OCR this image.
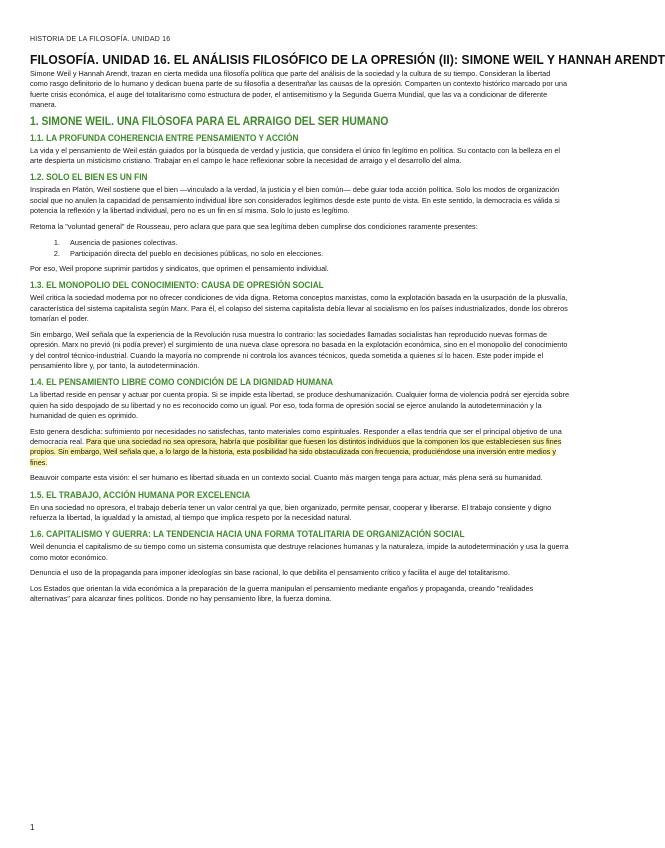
HISTORIA DE LA FILOSOFÍA. UNIDAD 16
FILOSOFÍA. UNIDAD 16. EL ANÁLISIS FILOSÓFICO DE LA OPRESIÓN (II): SIMONE WEIL Y HANNAH ARENDT

Simone Weil y Hannah Arendt, trazan en cierta medida una filosofía política que parte del análisis de la sociedad y la cultura de su tiempo. Consideran la libertad como rasgo definitorio de lo humano y dedican buena parte de su filosofía a desentrañar las causas de la opresión. Comparten un contexto histórico marcado por una fuerte crisis económica, el auge del totalitarismo como estructura de poder, el antisemitismo y la Segunda Guerra Mundial, que las va a condicionar de diferente manera.

1. SIMONE WEIL. UNA FILÓSOFA PARA EL ARRAIGO DEL SER HUMANO
1.1. LA PROFUNDA COHERENCIA ENTRE PENSAMIENTO Y ACCIÓN

La vida y el pensamiento de Weil están guiados por la búsqueda de verdad y justicia, que considera el único fin legítimo en política. Su contacto con la belleza en el arte despierta un misticismo cristiano. Trabajar en el campo le hace reflexionar sobre la necesidad de arraigo y el desarrollo del alma.

1.2. SOLO EL BIEN ES UN FIN

Inspirada en Platón, Weil sostiene que el bien —vinculado a la verdad, la justicia y el bien común— debe guiar toda acción política. Solo los modos de organización social que no anulen la capacidad de pensamiento individual libre son considerados legítimos desde este punto de vista. En este sentido, la democracia es válida si potencia la reflexión y la libertad individual, pero no es un fin en sí misma. Solo lo justo es legítimo.

Retoma la "voluntad general" de Rousseau, pero aclara que para que sea legítima deben cumplirse dos condiciones raramente presentes:

1. Ausencia de pasiones colectivas.
2. Participación directa del pueblo en decisiones públicas, no solo en elecciones.

Por eso, Weil propone suprimir partidos y sindicatos, que oprimen el pensamiento individual.

1.3. EL MONOPOLIO DEL CONOCIMIENTO: CAUSA DE OPRESIÓN SOCIAL

Weil critica la sociedad moderna por no ofrecer condiciones de vida digna. Retoma conceptos marxistas, como la explotación basada en la usurpación de la plusvalía, característica del sistema capitalista según Marx. Para él, el colapso del sistema capitalista debía llevar al socialismo en los países industrializados, donde los obreros tomarían el poder.

Sin embargo, Weil señala que la experiencia de la Revolución rusa muestra lo contrario: las sociedades llamadas socialistas han reproducido nuevas formas de opresión. Marx no previó (ni podía prever) el surgimiento de una nueva clase opresora no basada en la explotación económica, sino en el monopolio del conocimiento y del control técnico-industrial. Cuando la mayoría no comprende ni controla los avances técnicos, queda sometida a quienes sí lo hacen. Este poder impide el pensamiento libre y, por tanto, la autodeterminación.

1.4. EL PENSAMIENTO LIBRE COMO CONDICIÓN DE LA DIGNIDAD HUMANA

La libertad reside en pensar y actuar por cuenta propia. Si se impide esta libertad, se produce deshumanización. Cualquier forma de violencia podrá ser ejercida sobre quien ha sido despojado de su libertad y no es reconocido como un igual. Por eso, toda forma de opresión social se ejerce anulando la autodeterminación y la humanidad de quien es oprimido.

Esto genera desdicha: sufrimiento por necesidades no satisfechas, tanto materiales como espirituales. Responder a ellas tendría que ser el principal objetivo de una democracia real. Para que una sociedad no sea opresora, habría que posibilitar que fuesen los distintos individuos que la componen los que estableciesen sus fines propios. Sin embargo, Weil señala que, a lo largo de la historia, esta posibilidad ha sido obstaculizada con frecuencia, produciéndose una inversión entre medios y fines.

Beauvoir comparte esta visión: el ser humano es libertad situada en un contexto social. Cuanto más margen tenga para actuar, más plena será su humanidad.

1.5. EL TRABAJO, ACCIÓN HUMANA POR EXCELENCIA

En una sociedad no opresora, el trabajo debería tener un valor central ya que, bien organizado, permite pensar, cooperar y liberarse. El trabajo consiente y digno refuerza la libertad, la igualdad y la amistad, al tiempo que implica respeto por la necesidad natural.

1.6. CAPITALISMO Y GUERRA: LA TENDENCIA HACIA UNA FORMA TOTALITARIA DE ORGANIZACIÓN SOCIAL

Weil denuncia el capitalismo de su tiempo como un sistema consumista que destruye relaciones humanas y la naturaleza, impide la autodeterminación y usa la guerra como motor económico.

Denuncia el uso de la propaganda para imponer ideologías sin base racional, lo que debilita el pensamiento crítico y facilita el auge del totalitarismo.

Los Estados que orientan la vida económica a la preparación de la guerra manipulan el pensamiento mediante engaños y propaganda, creando "realidades alternativas" para alcanzar fines políticos. Donde no hay pensamiento libre, la fuerza domina.

1
